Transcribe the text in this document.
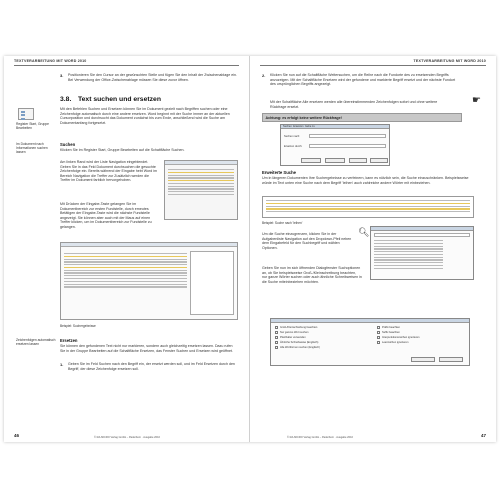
TEXTVERARBEITUNG MIT WORD 2010
3. Positionieren Sie den Cursor an der gewünschten Stelle und fügen Sie den Inhalt der Zwischenablage ein. Bei Verwendung der Office-Zwischenablage müssen Sie diese zuvor öffnen.
3.8. Text suchen und ersetzen
Register Start, Gruppe Bearbeiten
Mit den Befehlen Suchen und Ersetzen können Sie im Dokument gezielt nach Begriffen suchen oder eine Zeichenfolge automatisch durch eine andere ersetzen. Word beginnt mit der Suche immer an der aktuellen Cursorposition und durchsucht das Dokument zunächst bis zum Ende, anschließend wird die Suche am Dokumentanfang fortgesetzt.
Im Dokument nach Informationen suchen lassen
Suchen
Klicken Sie im Register Start, Gruppe Bearbeiten auf die Schaltfläche Suchen.
Am linken Rand wird der Liste Navigation eingeblendet. Geben Sie in das Feld Dokument durchsuchen die gesuchte Zeichenfolge ein. Bereits während der Eingabe hebt Word im Bereich Navigation die Treffer zur Zusätzlich werden die Treffer im Dokument farblich hervorgehoben.
Mit Drücken der Eingabe-Taste gelangen Sie im Dokumentbereich zur ersten Fundstelle, durch erneutes Betätigen der Eingabe-Taste wird die nächste Fundstelle angezeigt. Sie können aber auch mit der Maus auf einen Treffer klicken, um im Dokumentbereich zur Fundstelle zu gelangen.
Beispiel: Suchergebnisse
Zeichenfolgen automatisch ersetzen lassen
Ersetzen
Sie können den gefundenen Text nicht nur markieren, sondern auch gleichzeitig ersetzen lassen. Dazu rufen Sie in der Gruppe Bearbeiten auf die Schaltfläche Ersetzen, das Fenster Suchen und Ersetzen wird geöffnet.
1. Geben Sie im Feld Suchen nach den Begriff ein, der ersetzt werden soll, und im Feld Ersetzen durch den Begriff, der diese Zeichenfolge ersetzen soll.
46	© RA-MICRO Verlag GmbH – Paderborn · Ausgabe 2010
TEXTVERARBEITUNG MIT WORD 2010
2. Klicken Sie nun auf die Schaltfläche Weitersuchen, um die Reihe nach die Fundorte des zu ersetzenden Begriffs anzuzeigen. Mit der Schaltfläche Ersetzen wird der gefundene und markierte Begriff ersetzt und der nächste Fundort des ursprünglichen Begriffs angezeigt.
Mit der Schaltfläche Alle ersetzen werden alle übereinstimmenden Zeichenfolgen sofort und ohne weitere Rückfrage ersetzt.
☛
Achtung: es erfolgt keine weitere Rückfrage!
Suchen  Ersetzen  Gehe zu
Suchen nach:
Ersetzen durch:
Erweiterte Suche
Um in längeren Dokumenten Ihre Suchergebnisse zu verfeinern, kann es nützlich sein, die Suche einzuschränken. Beispielsweise würde im Text unten eine Suche nach dem Begriff 'leihen' auch zahlreiche andere Wörter mit einbeziehen.
Beispiel: Suche nach 'leihen'
Um die Suche einzugrenzen, klicken Sie in der Aufgabenliste Navigation auf den Dropdown-Pfeil neben dem Eingabefeld für den Suchbegriff und wählen Optionen.
🔍︎
Geben Sie nun im sich öffnenden Dialogfenster Suchoptionen an, ob Sie beispielsweise Groß-/Kleinschreibung beachten, nur ganze Wörter suchen oder auch ähnliche Schreibweisen in die Suche miteinbeziehen möchten.
Groß-/Kleinschreibung beachten
Nur ganzes Wort suchen
Platzhalter verwenden
Ähnliche Schreibweise (Englisch)
Alle Wortformen suchen (Englisch)
Präfix beachten
Suffix beachten
Interpunktionszeichen ignorieren
Leerzeichen ignorieren
© RA-MICRO Verlag GmbH – Paderborn · Ausgabe 2010	47
